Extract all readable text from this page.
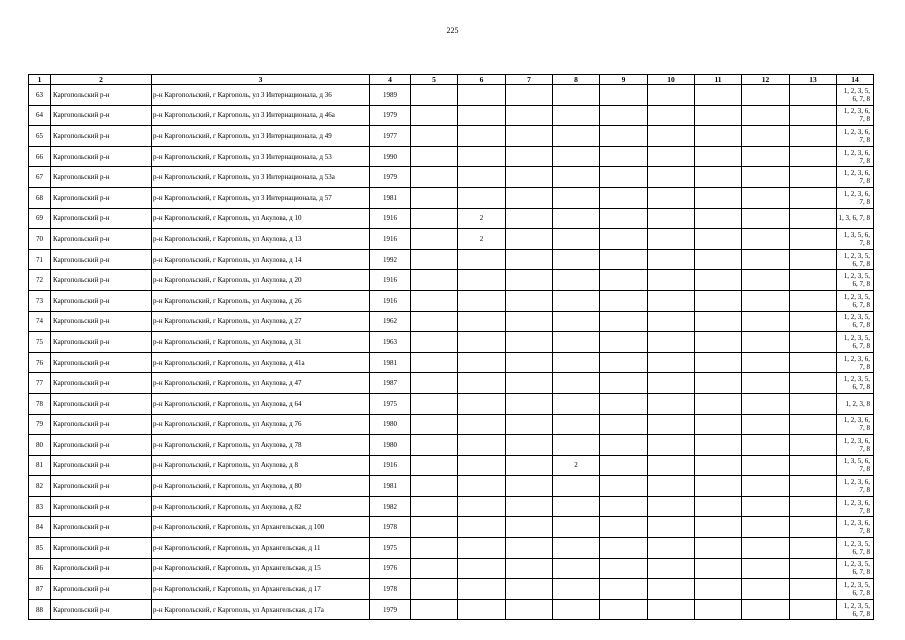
225
1	2	3	4	5	6	7	8	9	10	11	12	13	14
63	Каргопольский р-н	р-н Каргопольский, г Каргополь, ул 3 Интернационала, д 36	1989										1, 2, 3, 5, 6, 7, 8
64	Каргопольский р-н	р-н Каргопольский, г Каргополь, ул 3 Интернационала, д 46а	1979										1, 2, 3, 6, 7, 8
65	Каргопольский р-н	р-н Каргопольский, г Каргополь, ул 3 Интернационала, д 49	1977										1, 2, 3, 6, 7, 8
66	Каргопольский р-н	р-н Каргопольский, г Каргополь, ул 3 Интернационала, д 53	1990										1, 2, 3, 6, 7, 8
67	Каргопольский р-н	р-н Каргопольский, г Каргополь, ул 3 Интернационала, д 53а	1979										1, 2, 3, 6, 7, 8
68	Каргопольский р-н	р-н Каргопольский, г Каргополь, ул 3 Интернационала, д 57	1981										1, 2, 3, 6, 7, 8
69	Каргопольский р-н	р-н Каргопольский, г Каргополь, ул Акулова, д 10	1916		2								1, 3, 6, 7, 8
70	Каргопольский р-н	р-н Каргопольский, г Каргополь, ул Акулова, д 13	1916		2								1, 3, 5, 6, 7, 8
71	Каргопольский р-н	р-н Каргопольский, г Каргополь, ул Акулова, д 14	1992										1, 2, 3, 5, 6, 7, 8
72	Каргопольский р-н	р-н Каргопольский, г Каргополь, ул Акулова, д 20	1916										1, 2, 3, 5, 6, 7, 8
73	Каргопольский р-н	р-н Каргопольский, г Каргополь, ул Акулова, д 26	1916										1, 2, 3, 5, 6, 7, 8
74	Каргопольский р-н	р-н Каргопольский, г Каргополь, ул Акулова, д 27	1962										1, 2, 3, 5, 6, 7, 8
75	Каргопольский р-н	р-н Каргопольский, г Каргополь, ул Акулова, д 31	1963										1, 2, 3, 5, 6, 7, 8
76	Каргопольский р-н	р-н Каргопольский, г Каргополь, ул Акулова, д 41а	1981										1, 2, 3, 6, 7, 8
77	Каргопольский р-н	р-н Каргопольский, г Каргополь, ул Акулова, д 47	1987										1, 2, 3, 5, 6, 7, 8
78	Каргопольский р-н	р-н Каргопольский, г Каргополь, ул Акулова, д 64	1975										1, 2, 3, 8
79	Каргопольский р-н	р-н Каргопольский, г Каргополь, ул Акулова, д 76	1980										1, 2, 3, 6, 7, 8
80	Каргопольский р-н	р-н Каргопольский, г Каргополь, ул Акулова, д 78	1980										1, 2, 3, 6, 7, 8
81	Каргопольский р-н	р-н Каргопольский, г Каргополь, ул Акулова, д 8	1916				2						1, 3, 5, 6, 7, 8
82	Каргопольский р-н	р-н Каргопольский, г Каргополь, ул Акулова, д 80	1981										1, 2, 3, 6, 7, 8
83	Каргопольский р-н	р-н Каргопольский, г Каргополь, ул Акулова, д 82	1982										1, 2, 3, 6, 7, 8
84	Каргопольский р-н	р-н Каргопольский, г Каргополь, ул Архангельская, д 100	1978										1, 2, 3, 6, 7, 8
85	Каргопольский р-н	р-н Каргопольский, г Каргополь, ул Архангельская, д 11	1975										1, 2, 3, 5, 6, 7, 8
86	Каргопольский р-н	р-н Каргопольский, г Каргополь, ул Архангельская, д 15	1976										1, 2, 3, 5, 6, 7, 8
87	Каргопольский р-н	р-н Каргопольский, г Каргополь, ул Архангельская, д 17	1978										1, 2, 3, 5, 6, 7, 8
88	Каргопольский р-н	р-н Каргопольский, г Каргополь, ул Архангельская, д 17а	1979										1, 2, 3, 5, 6, 7, 8
